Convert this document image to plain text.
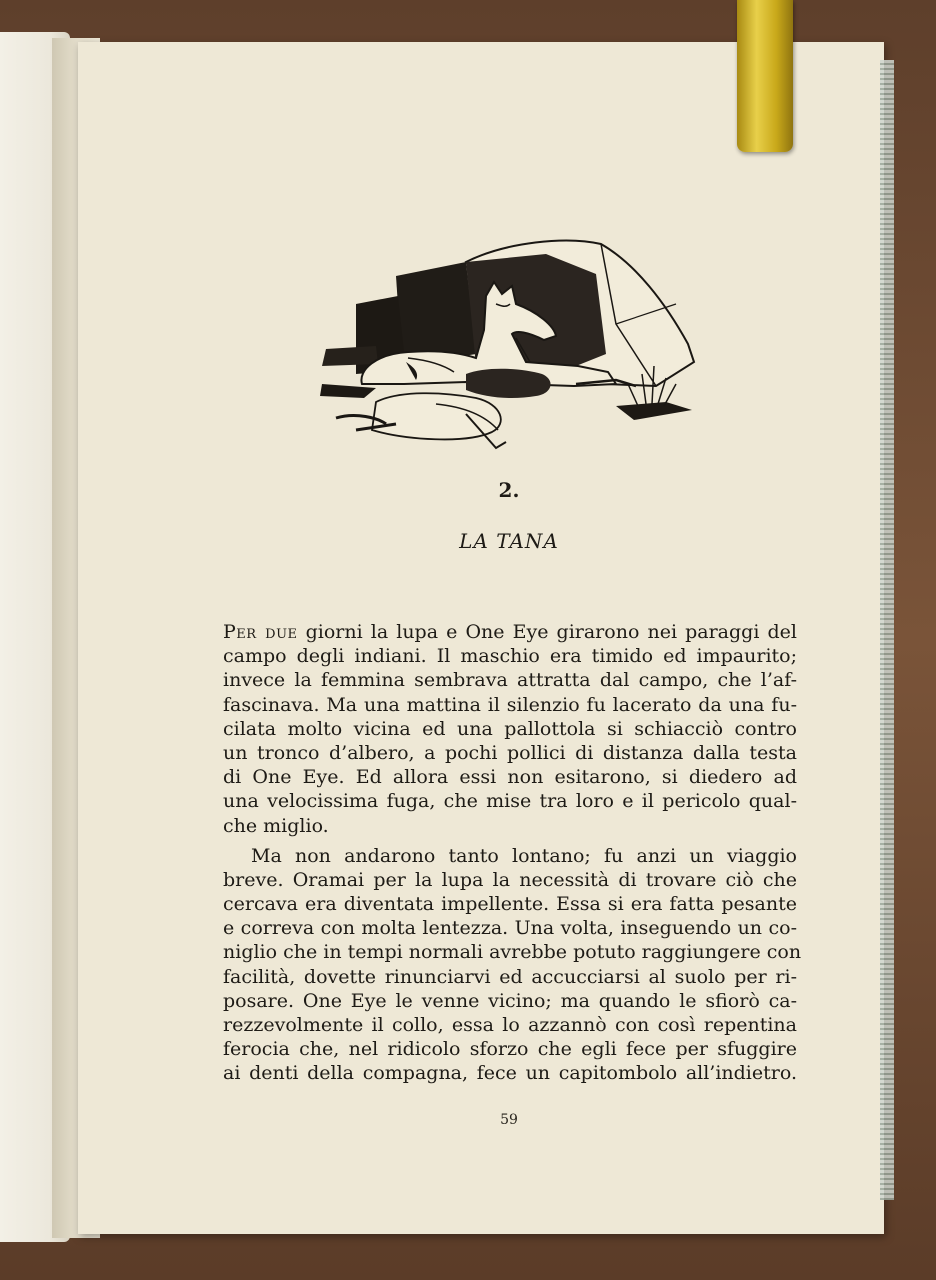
2.
LA TANA
Per due giorni la lupa e One Eye girarono nei paraggi del
campo degli indiani. Il maschio era timido ed impaurito;
invece la femmina sembrava attratta dal campo, che l’af-
fascinava. Ma una mattina il silenzio fu lacerato da una fu-
cilata molto vicina ed una pallottola si schiacciò contro
un tronco d’albero, a pochi pollici di distanza dalla testa
di One Eye. Ed allora essi non esitarono, si diedero ad
una velocissima fuga, che mise tra loro e il pericolo qual-
che miglio.
Ma non andarono tanto lontano; fu anzi un viaggio
breve. Oramai per la lupa la necessità di trovare ciò che
cercava era diventata impellente. Essa si era fatta pesante
e correva con molta lentezza. Una volta, inseguendo un co-
niglio che in tempi normali avrebbe potuto raggiungere con
facilità, dovette rinunciarvi ed accucciarsi al suolo per ri-
posare. One Eye le venne vicino; ma quando le sfiorò ca-
rezzevolmente il collo, essa lo azzannò con così repentina
ferocia che, nel ridicolo sforzo che egli fece per sfuggire
ai denti della compagna, fece un capitombolo all’indietro.
59
